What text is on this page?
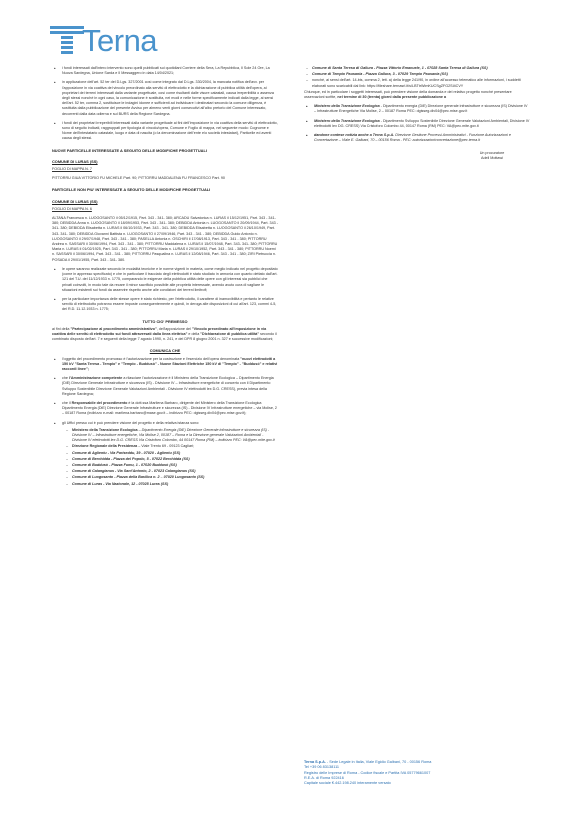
Terna
• i fondi interessati dall'intero intervento sono quelli pubblicati sui quotidiani Corriere della Sera, La Repubblica, Il Sole 24 Ore, La Nuova Sardegna, Unione Sarda e Il Messaggero in data 14/04/2021;
• in applicazione dell'art. 52 ter del D.Lgs. 327/2001 così come integrato dal D.Lgs. 330/2004, la mancata notifica dell'avv. per l'apposizione in via coattiva del vincolo preordinato alla servitù di elettrodotto e la dichiarazione di pubblica utilità dell'opera, ai proprietari dei terreni interessati dalla variante progettuale, così come risultanti dalle visure catastali, causa irreperibilità o assenza degli stessi nonché in ogni caso, la comunicazione è sostituita, nei modi e nelle forme specificamente indicati dalla legge, ai sensi dell'art. 52 ter, comma 2, sostituisce le indagini idonee e sufficienti ad individuare i destinatari secondo la comune diligenza, è sostituita dalla pubblicazione del presente Avviso per almeno venti giorni consecutivi all'albo pretorio del Comune interessato, decorrenti dalla data odierna e sul BURS della Regione Sardegna.
• i fondi dei proprietari irreperibili interessati dalla variante progettuale ai fini dell'imposizione in via coattiva della servitù di elettrodotto, sono di seguito indicati, raggruppati per tipologia di vincolo/opera, Comune e Foglio di mappa, nel seguente modo: Cognome e Nome dell'intestatario catastale, luogo e data di nascita (o la denominazione dell'ente e/o società intestatari), Particelle ed aventi causa degli stessi.
NUOVE PARTICELLE INTERESSATE A SEGUITO DELLE MODIFICHE PROGETTUALI
COMUNE DI LURAS (SS)
FOGLIO DI MAPPA N. 7
PITTORRU GIUA VITTORIO FU MICHELE Part. 90; PITTORRU MADDALENA FU FRANCESCO Part. 90
PARTICELLE NON PIU' INTERESSATE A SEGUITO DELLE MODIFICHE PROGETTUALI
COMUNE DI LURAS (SS)
FOGLIO DI MAPPA N. 6
ALTANA Francesca n. LUOGOSANTO il 05/12/1915, Part. 343 - 341- 380; ARCADU Salvatorica n. LURAS il 15/12/1951, Part. 343 - 341- 380; DEBIDDA Anna n. LUOGOSANTO il 18/09/1953, Part. 343 - 341- 380; DEBIDDA Antonia n. LUOGOSANTO il 20/09/1944, Part. 343 - 341- 380; DEBIDDA Elisabetta n. LURAS il 06/10/1933, Part. 343 - 341- 380; DEBIDDA Elisabetta n. LUOGOSANTO il 26/10/1949, Part. 343- 341- 380; DEBIDDA Giovanni Battista n. LUOGOSANTO il 27/09/1946, Part. 343 - 341 - 380; DEBIDDA Guido Antonio n. LUOGOSANTO il 29/07/1948, Part. 343 - 341 - 380; PASELLA Antonia n. OSCHIRI il 17/08/1913, Part. 343 - 341 - 380; PITTORRU Andrea n. SASSARI il 30/06/1994, Part. 343 - 341 - 380; PITTORRU Maddalena n. LURAS il 15/07/1948, Part. 343- 341- 380; PITTORRU Maria n. LURAS il 01/02/1925, Part. 343 - 341 - 380; PITTORRU Maria n. LURAS il 29/10/1952, Part. 343 - 341 - 380; PITTORRU Noemi n. SASSARI il 30/06/1994, Part. 343 - 341 - 380; PITTORRU Pasqualina n. LURAS il 12/08/1946, Part. 343 - 341 - 380; ZIRI Pietruccia n. POSADA il 29/01/1955, Part. 343 - 341- 380.
• le opere saranno realizzate secondo le modalità tecniche e le norme vigenti in materia, come meglio indicato nel progetto depositato (come in appresso specificato) e che in particolare il tracciato degli elettrodotti è stato studiato in armonia con quanto dettato dall'art. 121 del T.U. del 11/12/1933 n. 1775, comparando le esigenze della pubblica utilità delle opere con gli interessi sia pubblici che privati coinvolti, in modo tale da recare il minor sacrificio possibile alle proprietà interessate, avendo avuto cura di vagliare le situazioni esistenti sui fondi da asservire rispetto anche alle condizioni dei terreni limitrofi;
• per la particolare importanza delle stesse opere è stato richiesto, per l'elettrodotto, il carattere di inamovibilità e pertanto le relative servitù di elettrodotto potranno essere imposte conseguentemente e quindi, in deroga alle disposizioni di cui all'art. 123, commi 4-5, del R.D. 11.12.1933 n. 1775;
TUTTO CIO' PREMESSO
ai fini della "Partecipazione al procedimento amministrativo", dell'apposizione del "Vincolo preordinato all'imposizione in via coattiva delle servitù di elettrodotto sui fondi attraversati dalla linea elettrica" e della "Dichiarazione di pubblica utilità" secondo il combinato disposto dell'art. 7 e seguenti della legge 7 agosto 1990, n. 241, e del DPR 8 giugno 2001 n. 327 e successive modificazioni;
COMUNICA CHE
• l'oggetto del procedimento promosso è l'autorizzazione per la costruzione e l'esercizio dell'opera denominata "nuovi elettrodotti a 150 kV "Santa Teresa - Tempio" e "Tempio - Buddusò" - Nuove Stazioni Elettriche 150 kV di "Tempio" - "Buddusò" e relativi raccordi linee";
• che l'Amministrazione competente a rilasciare l'autorizzazione è il Ministero della Transizione Ecologica – Dipartimento Energia (DiE) Direzione Generale Infrastrutture e sicurezza (IS) - Divisione IV – Infrastrutture energetiche di concerto con il Dipartimento Sviluppo Sostenibile Direzione Generale Valutazioni Ambientali - Divisione IV elettrodotti lex D.G. CRESS), previa intesa della Regione Sardegna;
• che il Responsabile del procedimento è la dott.ssa Marilena Barbaro, dirigente del Ministero della Transizione Ecologica Dipartimento Energia (DiE) Direzione Generale Infrastrutture e sicurezza (IS) - Divisione IV Infrastrutture energetiche – via Molise, 2 – 00187 Roma (indirizzo e-mail: marilena.barbaro@mase.gov.it – indirizzo PEC: dgisseg.div04@pec.mise.gov.it);
• gli Uffici presso cui è può prendere visione del progetto e della relativa istanza sono:
– Ministero della Transizione Ecologica – Dipartimento Energia (DiE) Direzione Generale infrastrutture e sicurezza (IS) - Divisione IV – Infrastrutture energetiche, Via Molise 2, 00187 – Roma e la Direzione generale Valutazioni Ambientali - Divisione IV elettrodotti lex D.G. CRESS Via Cristoforo Colombo, 44 00147 Roma (RM) – indirizzo PEC: VA@pec.mite.gov.it
– Direzione Regionale della Presidenza – Viale Trento 69 - 09123 Cagliari;
– Comune di Aglientu - Via Pariseddu, 39 - 07020 - Aglientu (SS)
– Comune di Berchidda - Piazza del Popolo, 5 - 07022 Berchidda (SS)
– Comune di Buddusò - Piazza Fumu, 1 - 07020 Buddusò (SS)
– Comune di Calangianus - Via Sant'Antonio, 2 - 07023 Calangianus (SS)
– Comune di Luogosanto - Piazza della Basilica n. 2 – 07020 Luogosanto (SS)
– Comune di Luras - Via Nazionale, 12 - 07025 Luras (SS)
– Comune di Santa Teresa di Gallura - Piazza Vittorio Emanuele, 1 - 07028 Santa Teresa di Gallura (SS)
– Comune di Tempio Pausania - Piazza Gallura, 3 - 07029 Tempio Pausania (SS)
– nonché, ai sensi dell'art. 14-bis, comma 2, lett. a) della legge 241/90, in ordine all'accesso telematico alle informazioni, i suddetti elaborati sono scaricabili dal link: https://fileshare.ternasrl.it/s/LBTtrWimKUCSgZFG2SI4CVY
Chiunque, ed in particolare i soggetti interessati, può prendere visione della domanda e del relativo progetto nonché presentare osservazioni scritte, nel termine di 30 (trenta) giorni dalla presente pubblicazione a
• Ministero della Transizione Ecologica - Dipartimento energia (DiE) Direzione generale infrastrutture e sicurezza (IS) Divisione IV – Infrastrutture Energetiche Via Molise, 2 – 00187 Roma PEC: dgisseg.div04@pec.mise.gov.it
• Ministero della Transizione Ecologica - Dipartimento Sviluppo Sostenibile Direzione Generale Valutazioni Ambientali, Divisione IV elettrodotti lex DG. CRESS) Via Cristoforo Colombo 44, 00147 Roma (RM) PEC: VA@pec.mite.gov.it
• dandone contese notizia anche a Terna S.p.A. Direzione Gestione Processi Amministrativi - Funzione Autorizzazioni e Concertazione – Viale E. Galbani, 70 – 00156 Roma - PEC: autorizzazioniconcertazione@pec.terna.it
Un procuratore
Adell Mottawi
Terna S.p.A. - Sede Legale in Italia, Viale Egidio Galbani, 70 - 00156 Roma
Tel +39 06 83138111
Registro delle Imprese di Roma - Codice fiscale e Partita IVA 05779661007
R.E.A. di Roma 922416
Capitale sociale €.442.198.240 interamente versato
